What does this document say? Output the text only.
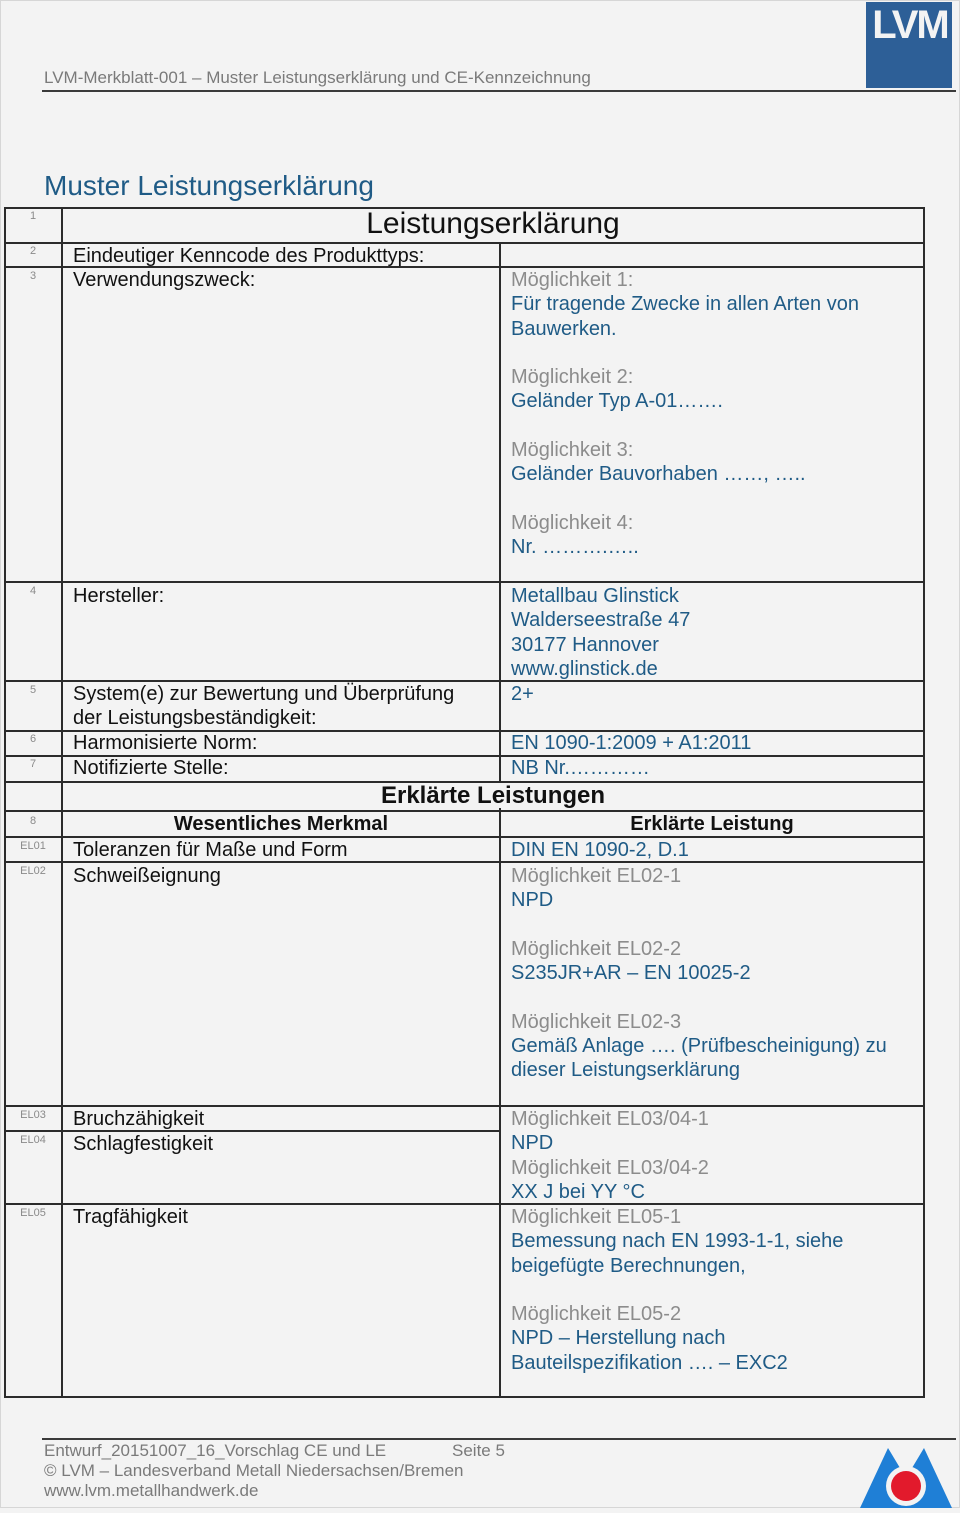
LVM-Merkblatt-001 – Muster Leistungserklärung und CE-Kennzeichnung
LVM
Muster Leistungserklärung
1	Leistungserklärung
2	Eindeutiger Kenncode des Produkttyps:
3	Verwendungszweck:	Möglichkeit 1:
Für tragende Zwecke in allen Arten von
Bauwerken.
Möglichkeit 2:
Geländer Typ A-01…….
Möglichkeit 3:
Geländer Bauvorhaben ……, …..
Möglichkeit 4:
Nr. ……….…..
4	Hersteller:	Metallbau Glinstick
Walderseestraße 47
30177 Hannover
www.glinstick.de
5	System(e) zur Bewertung und Überprüfung
der Leistungsbeständigkeit:
2+
6	Harmonisierte Norm:	EN 1090-1:2009 + A1:2011
7	Notifizierte Stelle:	NB Nr.…………
Erklärte Leistungen
8	Wesentliches Merkmal	Erklärte Leistung
EL01	Toleranzen für Maße und Form	DIN EN 1090-2, D.1
EL02	Schweißeignung	Möglichkeit EL02-1
NPD
Möglichkeit EL02-2
S235JR+AR – EN 10025-2
Möglichkeit EL02-3
Gemäß Anlage …. (Prüfbescheinigung) zu
dieser Leistungserklärung
EL03	Bruchzähigkeit
EL04	Schlagfestigkeit
Möglichkeit EL03/04-1
NPD
Möglichkeit EL03/04-2
XX J bei YY °C
EL05	Tragfähigkeit	Möglichkeit EL05-1
Bemessung nach EN 1993-1-1, siehe
beigefügte Berechnungen,
Möglichkeit EL05-2
NPD – Herstellung nach
Bauteilspezifikation …. – EXC2
Entwurf_20151007_16_Vorschlag CE und LE	Seite 5
© LVM – Landesverband Metall Niedersachsen/Bremen
www.lvm.metallhandwerk.de
